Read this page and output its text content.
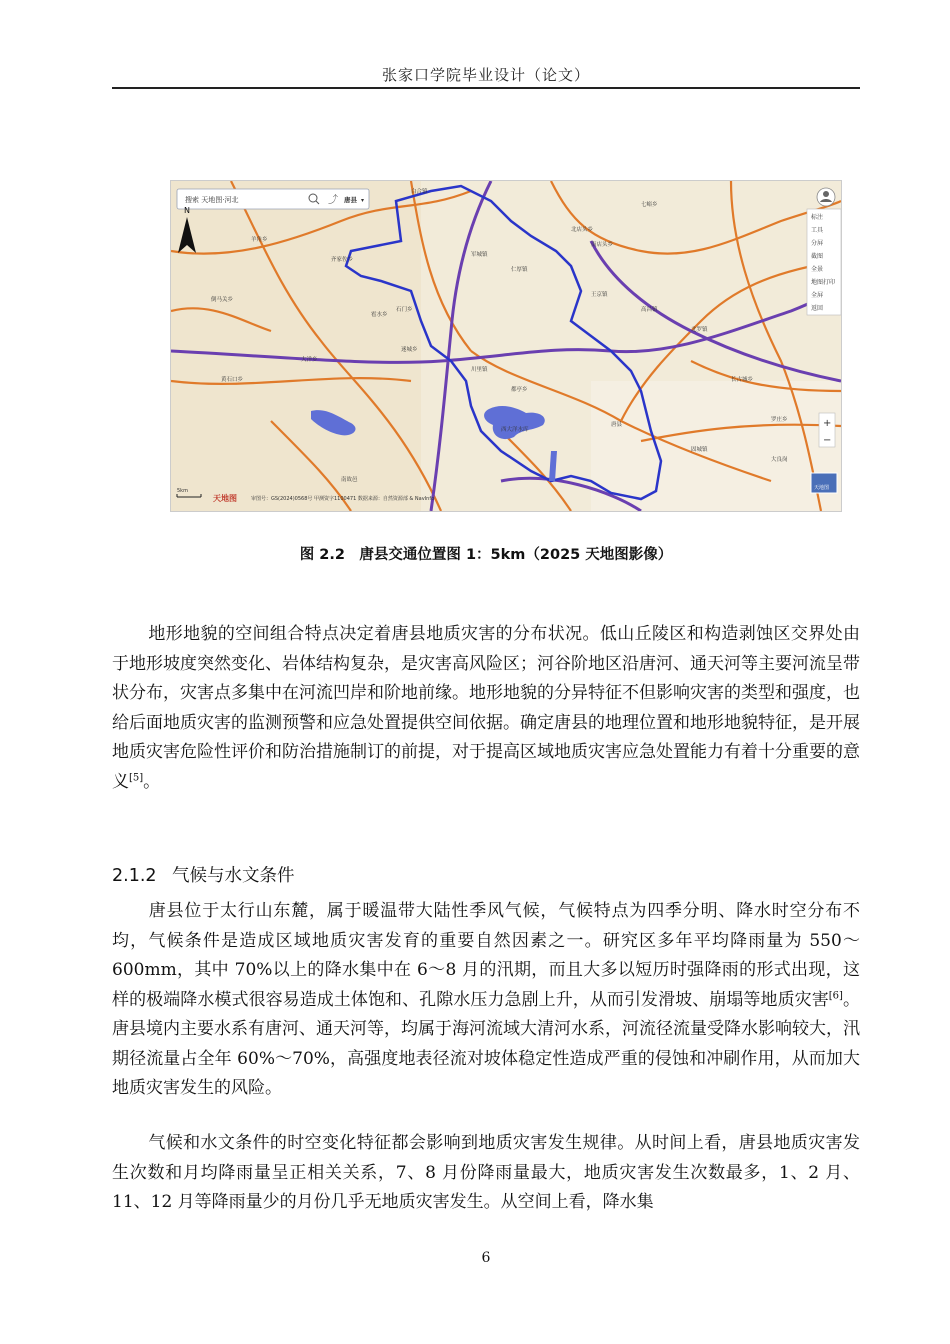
张家口学院毕业设计（论文）
白合镇
七峪乡
北店头乡
南店头乡
羊角乡
齐家佐乡
军城镇
仁厚镇
王京镇
高昌镇
北罗镇
雹水乡
唐县
石门乡
川里镇
都亭乡
长古城乡
黄石口乡
大洋乡
迷城乡
倒马关乡
西大洋水库
罗庄乡
固城镇
南故邑
大良岗
搜索 天地图·河北	⤴ 唐县 ▾
N
标注
工具
分屏
截图
全景
地图打印
全屏
返回
+
−
天地图
5km
天地图	审图号：GS(2024)0568号 甲测资字1100471 数据来源：自然资源部 & NavInfo
图 2.2　唐县交通位置图 1：5km（2025 天地图影像）

地形地貌的空间组合特点决定着唐县地质灾害的分布状况。低山丘陵区和构造剥蚀区交界处由于地形坡度突然变化、岩体结构复杂，是灾害高风险区；河谷阶地区沿唐河、通天河等主要河流呈带状分布，灾害点多集中在河流凹岸和阶地前缘。地形地貌的分异特征不但影响灾害的类型和强度，也给后面地质灾害的监测预警和应急处置提供空间依据。确定唐县的地理位置和地形地貌特征，是开展地质灾害危险性评价和防治措施制订的前提，对于提高区域地质灾害应急处置能力有着十分重要的意义[5]。

2.1.2 气候与水文条件

唐县位于太行山东麓，属于暖温带大陆性季风气候，气候特点为四季分明、降水时空分布不均，气候条件是造成区域地质灾害发育的重要自然因素之一。研究区多年平均降雨量为 550～600mm，其中 70%以上的降水集中在 6～8 月的汛期，而且大多以短历时强降雨的形式出现，这样的极端降水模式很容易造成土体饱和、孔隙水压力急剧上升，从而引发滑坡、崩塌等地质灾害[6]。唐县境内主要水系有唐河、通天河等，均属于海河流域大清河水系，河流径流量受降水影响较大，汛期径流量占全年 60%～70%，高强度地表径流对坡体稳定性造成严重的侵蚀和冲刷作用，从而加大地质灾害发生的风险。

气候和水文条件的时空变化特征都会影响到地质灾害发生规律。从时间上看，唐县地质灾害发生次数和月均降雨量呈正相关关系，7、8 月份降雨量最大，地质灾害发生次数最多，1、2 月、11、12 月等降雨量少的月份几乎无地质灾害发生。从空间上看，降水集

6
